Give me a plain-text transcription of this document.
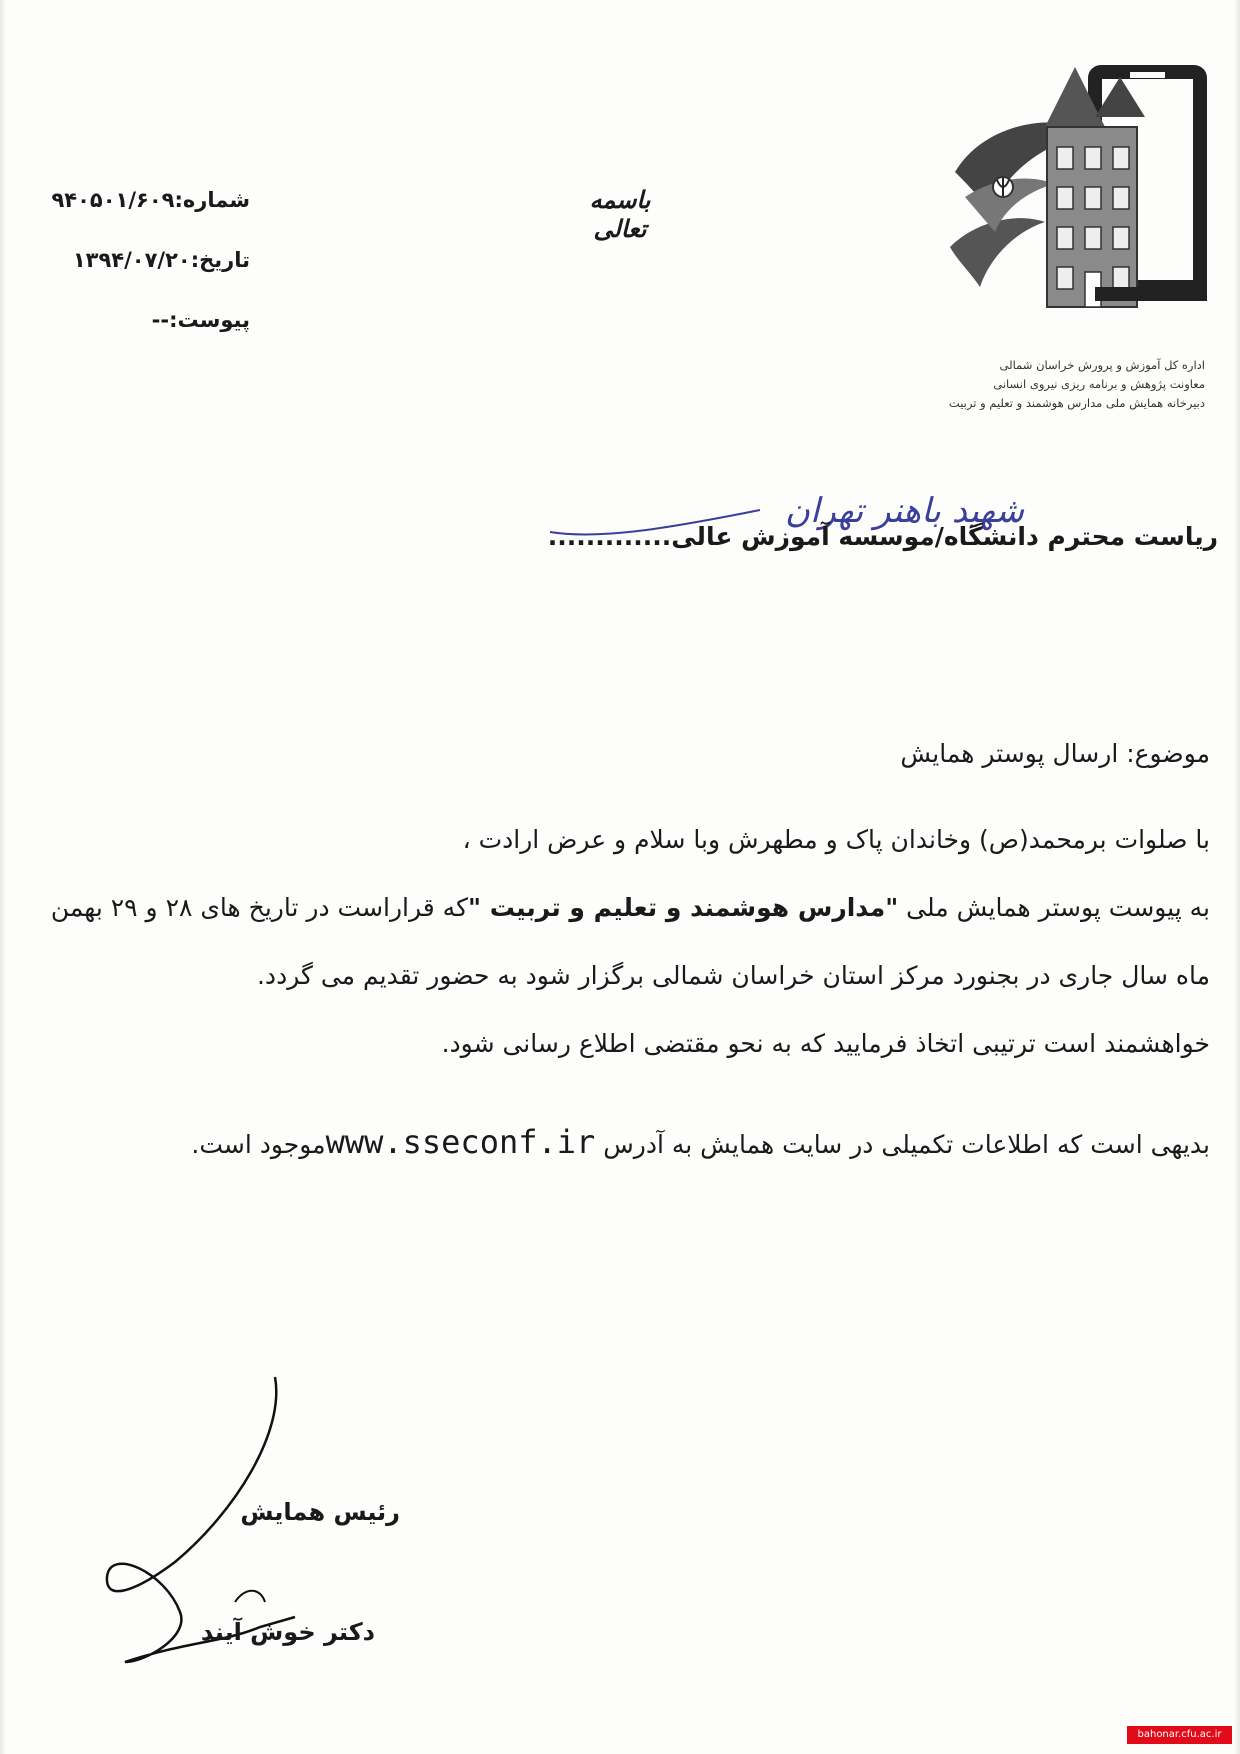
اداره کل آموزش و پرورش خراسان شمالی
معاونت پژوهش و برنامه ریزی نیروی انسانی
دبیرخانه همایش ملی مدارس هوشمند و تعلیم و تربیت
باسمه تعالی
شماره:۹۴۰۵۰۱/۶۰۹
تاریخ:۱۳۹۴/۰۷/۲۰
پیوست:--
شهید باهنر تهران
ریاست محترم دانشگاه/موسسه آموزش عالی.............

موضوع: ارسال پوستر همایش

با صلوات برمحمد(ص) وخاندان پاک و مطهرش وبا سلام و عرض ارادت ،

به پیوست پوستر همایش ملی "مدارس هوشمند و تعلیم و تربیت "که قراراست در تاریخ های ۲۸ و ۲۹ بهمن ماه سال جاری در بجنورد مرکز استان خراسان شمالی برگزار شود به حضور تقدیم می گردد.

خواهشمند است ترتیبی اتخاذ فرمایید که به نحو مقتضی اطلاع رسانی شود.

بدیهی است که اطلاعات تکمیلی در سایت همایش به آدرس www.sseconf.irموجود است.

رئیس همایش
دکتر خوش آیند
bahonar.cfu.ac.ir
